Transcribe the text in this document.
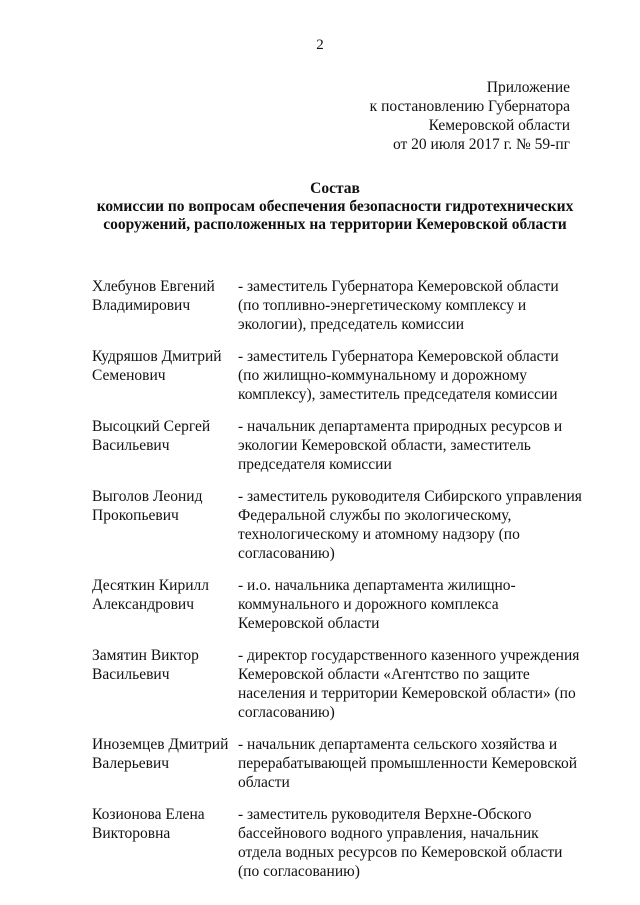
2
Приложение
к постановлению Губернатора
Кемеровской области
от 20 июля 2017 г. № 59-пг
Состав
комиссии по вопросам обеспечения безопасности гидротехнических
сооружений, расположенных на территории Кемеровской области
Хлебунов Евгений
Владимирович
- заместитель Губернатора Кемеровской области
(по топливно-энергетическому комплексу и
экологии), председатель комиссии
Кудряшов Дмитрий
Семенович
- заместитель Губернатора Кемеровской области
(по жилищно-коммунальному и дорожному
комплексу), заместитель председателя комиссии
Высоцкий Сергей
Васильевич
- начальник департамента природных ресурсов и
экологии Кемеровской области, заместитель
председателя комиссии
Выголов Леонид
Прокопьевич
- заместитель руководителя Сибирского управления
Федеральной службы по экологическому,
технологическому и атомному надзору (по
согласованию)
Десяткин Кирилл
Александрович
- и.о. начальника департамента жилищно-
коммунального и дорожного комплекса
Кемеровской области
Замятин Виктор
Васильевич
- директор государственного казенного учреждения
Кемеровской области «Агентство по защите
населения и территории Кемеровской области» (по
согласованию)
Иноземцев Дмитрий
Валерьевич
- начальник департамента сельского хозяйства и
перерабатывающей промышленности Кемеровской
области
Козионова Елена
Викторовна
- заместитель руководителя Верхне-Обского
бассейнового водного управления, начальник
отдела водных ресурсов по Кемеровской области
(по согласованию)
